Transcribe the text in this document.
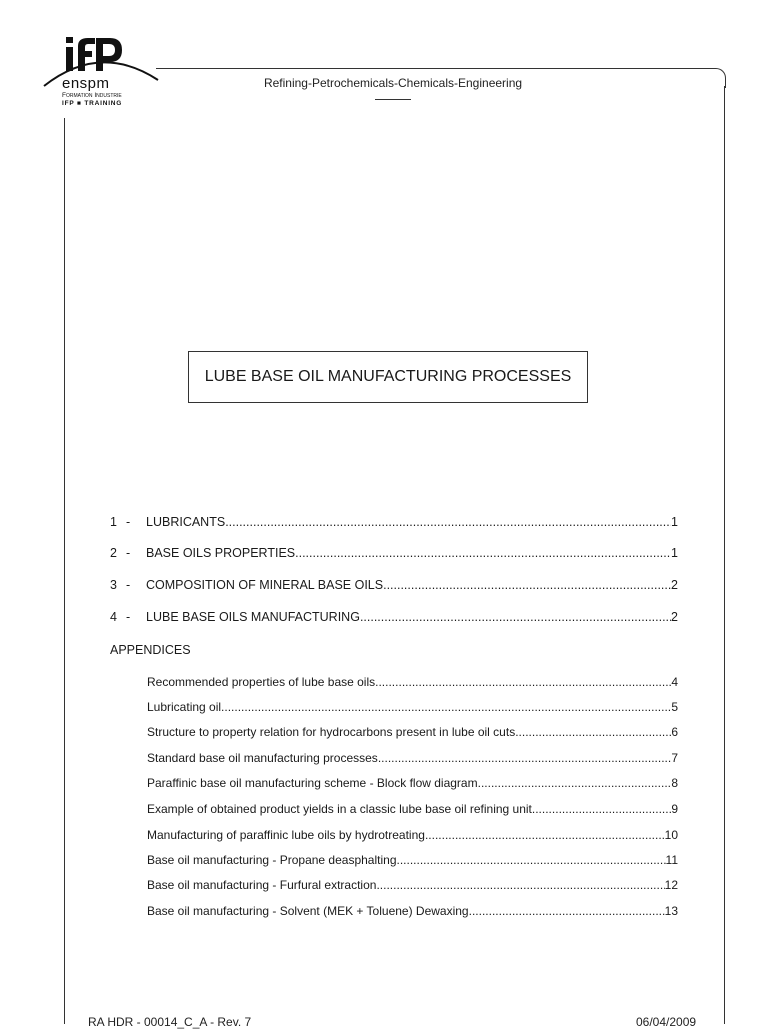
enspm
Formation Industrie
IFP ■ TRAINING
Refining-Petrochemicals-Chemicals-Engineering
LUBE BASE OIL MANUFACTURING PROCESSES
1 -	LUBRICANTS .....	1
2 -	BASE OILS PROPERTIES .....	1
3 -	COMPOSITION OF MINERAL BASE OILS .....	2
4 -	LUBE BASE OILS MANUFACTURING .....	2
APPENDICES
Recommended properties of lube base oils .....	4
Lubricating oil .....	5
Structure to property relation for hydrocarbons present in lube oil cuts .....	6
Standard base oil manufacturing processes .....	7
Paraffinic base oil manufacturing scheme - Block flow diagram .....	8
Example of obtained product yields in a classic lube base oil refining unit .....	9
Manufacturing of paraffinic lube oils by hydrotreating .....	10
Base oil manufacturing - Propane deasphalting .....	11
Base oil manufacturing - Furfural extraction .....	12
Base oil manufacturing - Solvent (MEK + Toluene) Dewaxing .....	13
RA HDR - 00014_C_A - Rev. 7	06/04/2009
